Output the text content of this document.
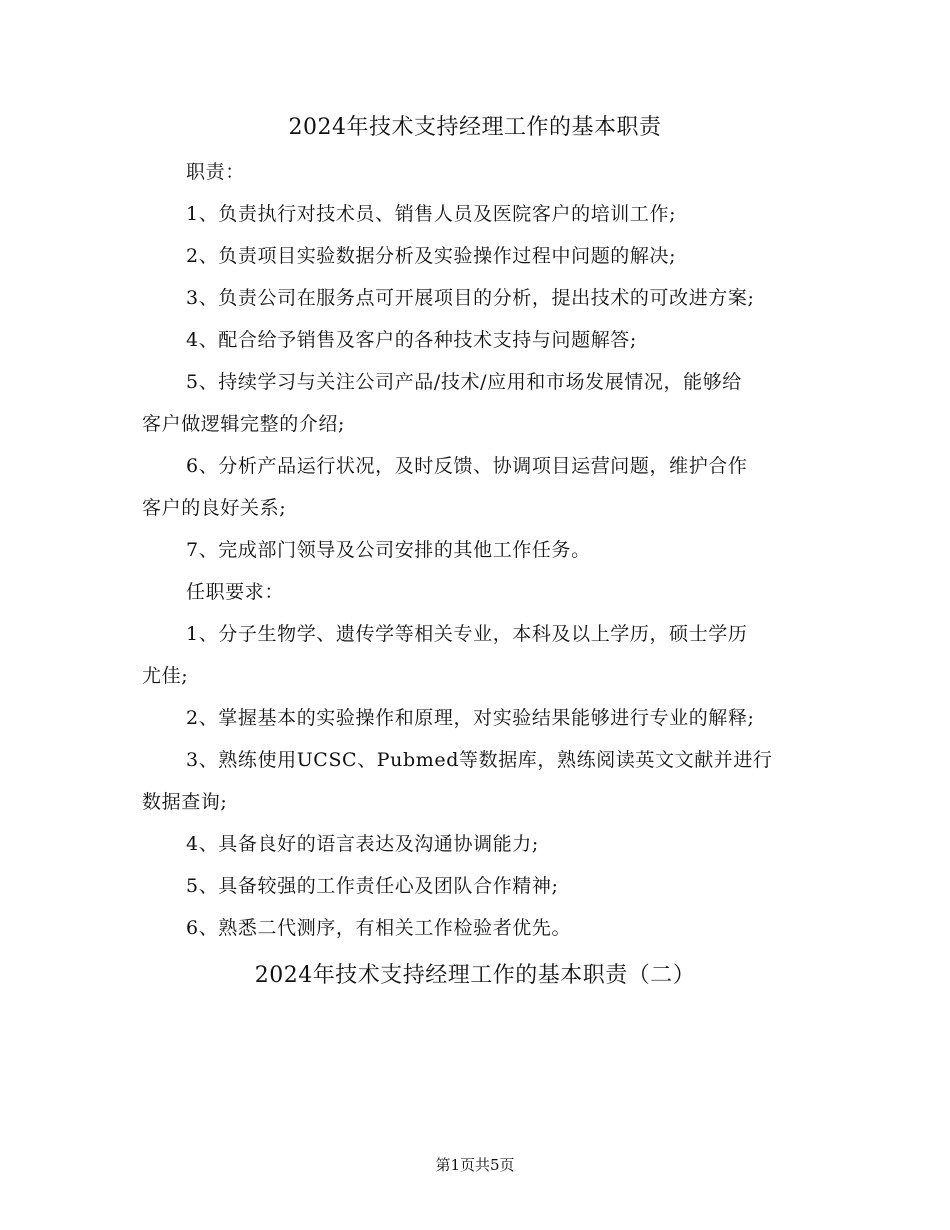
2024年技术支持经理工作的基本职责
职责：
1、负责执行对技术员、销售人员及医院客户的培训工作;
2、负责项目实验数据分析及实验操作过程中问题的解决;
3、负责公司在服务点可开展项目的分析，提出技术的可改进方案;
4、配合给予销售及客户的各种技术支持与问题解答;
5、持续学习与关注公司产品/技术/应用和市场发展情况，能够给
客户做逻辑完整的介绍;
6、分析产品运行状况，及时反馈、协调项目运营问题，维护合作
客户的良好关系;
7、完成部门领导及公司安排的其他工作任务。
任职要求：
1、分子生物学、遗传学等相关专业，本科及以上学历，硕士学历
尤佳;
2、掌握基本的实验操作和原理，对实验结果能够进行专业的解释;
3、熟练使用UCSC、Pubmed等数据库，熟练阅读英文文献并进行
数据查询;
4、具备良好的语言表达及沟通协调能力;
5、具备较强的工作责任心及团队合作精神;
6、熟悉二代测序，有相关工作检验者优先。
2024年技术支持经理工作的基本职责（二）
第1页共5页
